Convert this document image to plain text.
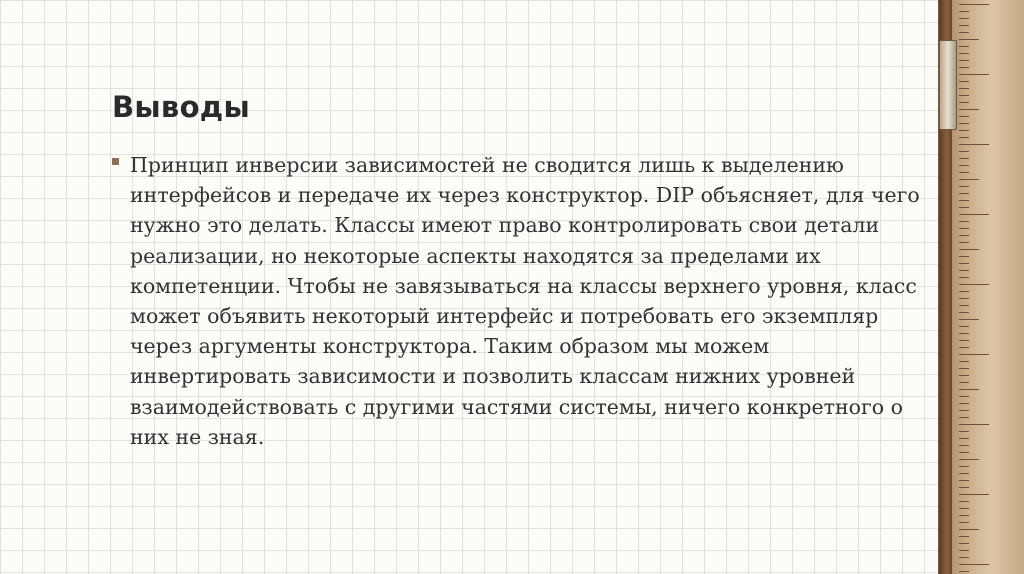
Выводы

Принцип инверсии зависимостей не сводится лишь к выделению интерфейсов и передаче их через конструктор. DIP объясняет, для чего нужно это делать. Классы имеют право контролировать свои детали реализации, но некоторые аспекты находятся за пределами их компетенции. Чтобы не завязываться на классы верхнего уровня, класс может объявить некоторый интерфейс и потребовать его экземпляр через аргументы конструктора. Таким образом мы можем инвертировать зависимости и позволить классам нижних уровней взаимодействовать с другими частями системы, ничего конкретного о них не зная.
